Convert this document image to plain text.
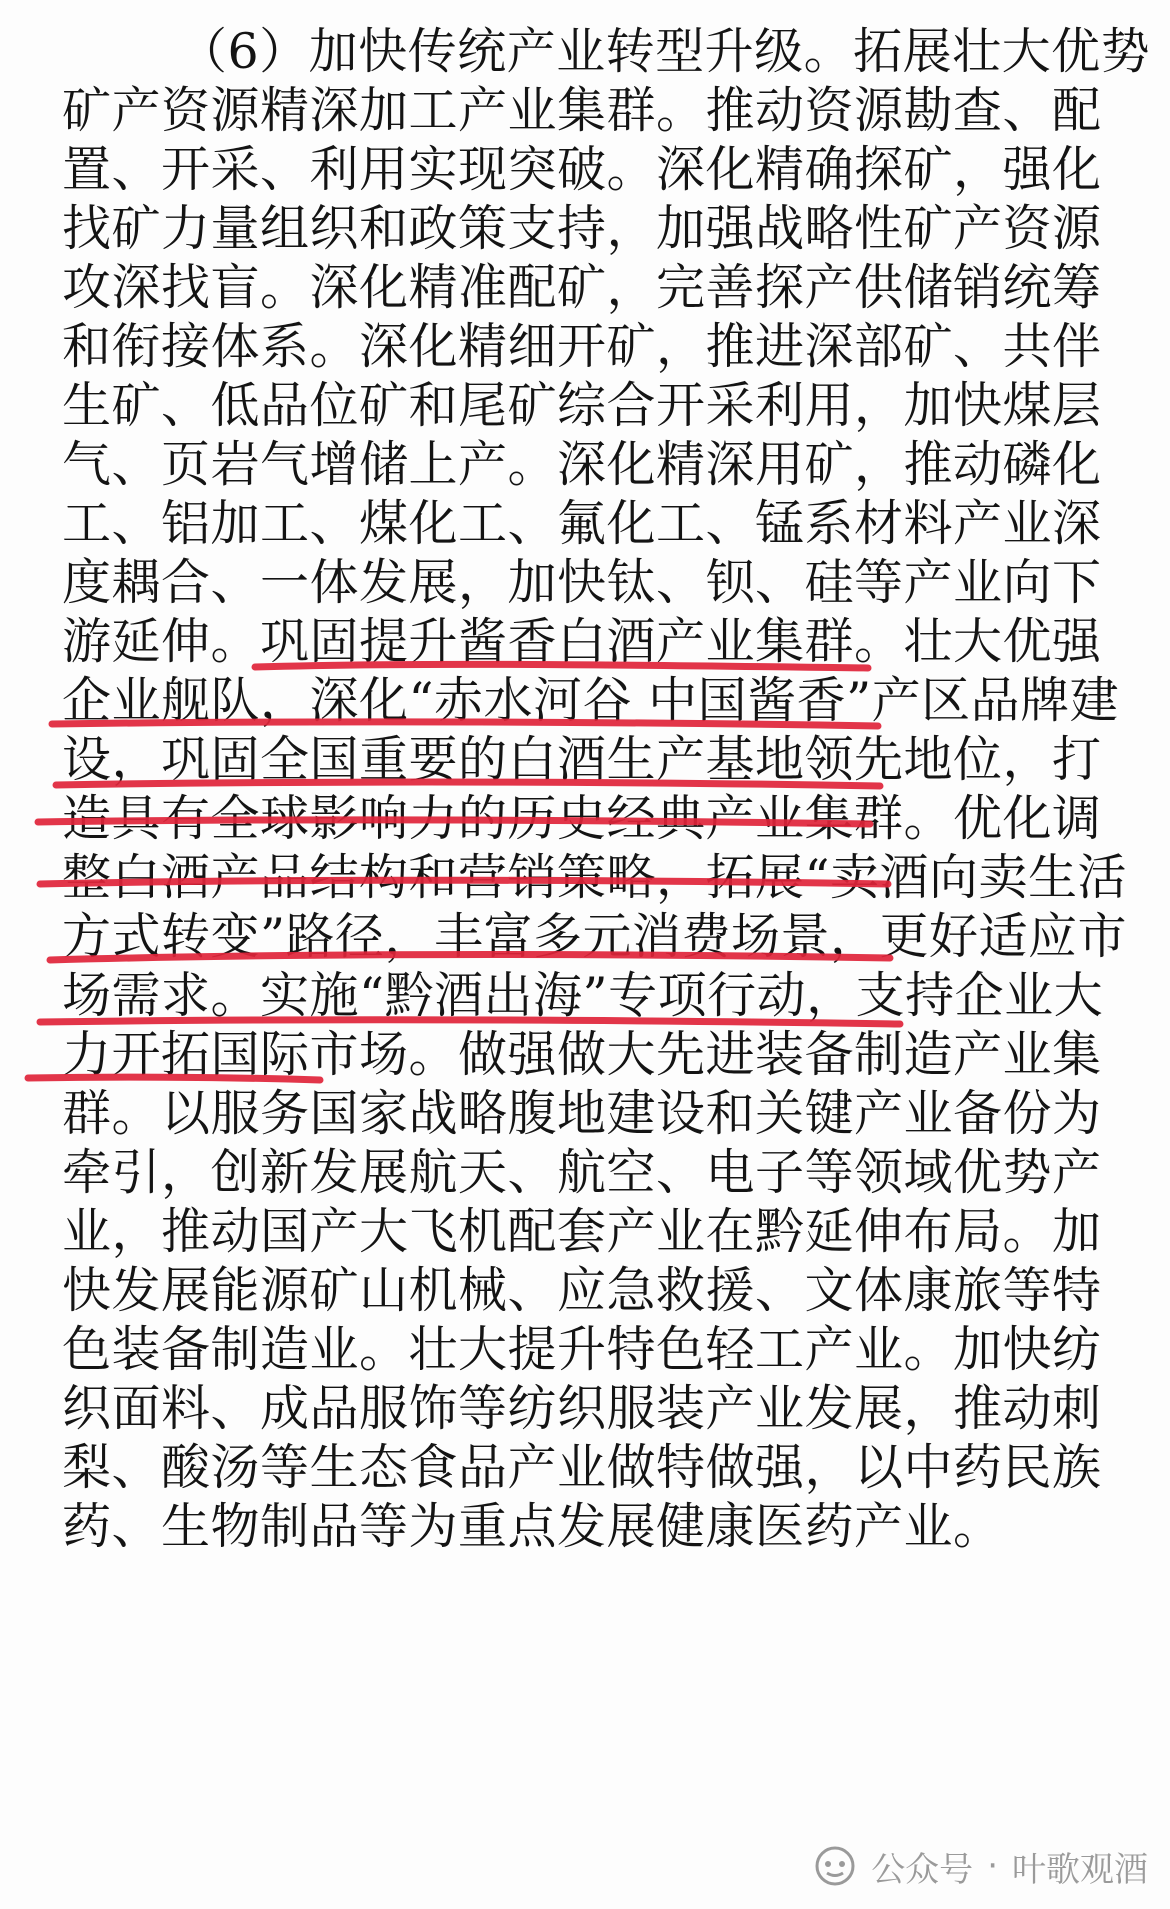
（6）加快传统产业转型升级。拓展壮大优势
矿产资源精深加工产业集群。推动资源勘查、配
置、开采、利用实现突破。深化精确探矿，强化
找矿力量组织和政策支持，加强战略性矿产资源
攻深找盲。深化精准配矿，完善探产供储销统筹
和衔接体系。深化精细开矿，推进深部矿、共伴
生矿、低品位矿和尾矿综合开采利用，加快煤层
气、页岩气增储上产。深化精深用矿，推动磷化
工、铝加工、煤化工、氟化工、锰系材料产业深
度耦合、一体发展，加快钛、钡、硅等产业向下
游延伸。巩固提升酱香白酒产业集群。壮大优强
企业舰队，深化“赤水河谷 中国酱香”产区品牌建
设，巩固全国重要的白酒生产基地领先地位，打
造具有全球影响力的历史经典产业集群。优化调
整白酒产品结构和营销策略，拓展“卖酒向卖生活
方式转变”路径，丰富多元消费场景，更好适应市
场需求。实施“黔酒出海”专项行动，支持企业大
力开拓国际市场。做强做大先进装备制造产业集
群。以服务国家战略腹地建设和关键产业备份为
牵引，创新发展航天、航空、电子等领域优势产
业，推动国产大飞机配套产业在黔延伸布局。加
快发展能源矿山机械、应急救援、文体康旅等特
色装备制造业。壮大提升特色轻工产业。加快纺
织面料、成品服饰等纺织服装产业发展，推动刺
梨、酸汤等生态食品产业做特做强，以中药民族
药、生物制品等为重点发展健康医药产业。
公众号 · 叶歌观酒
